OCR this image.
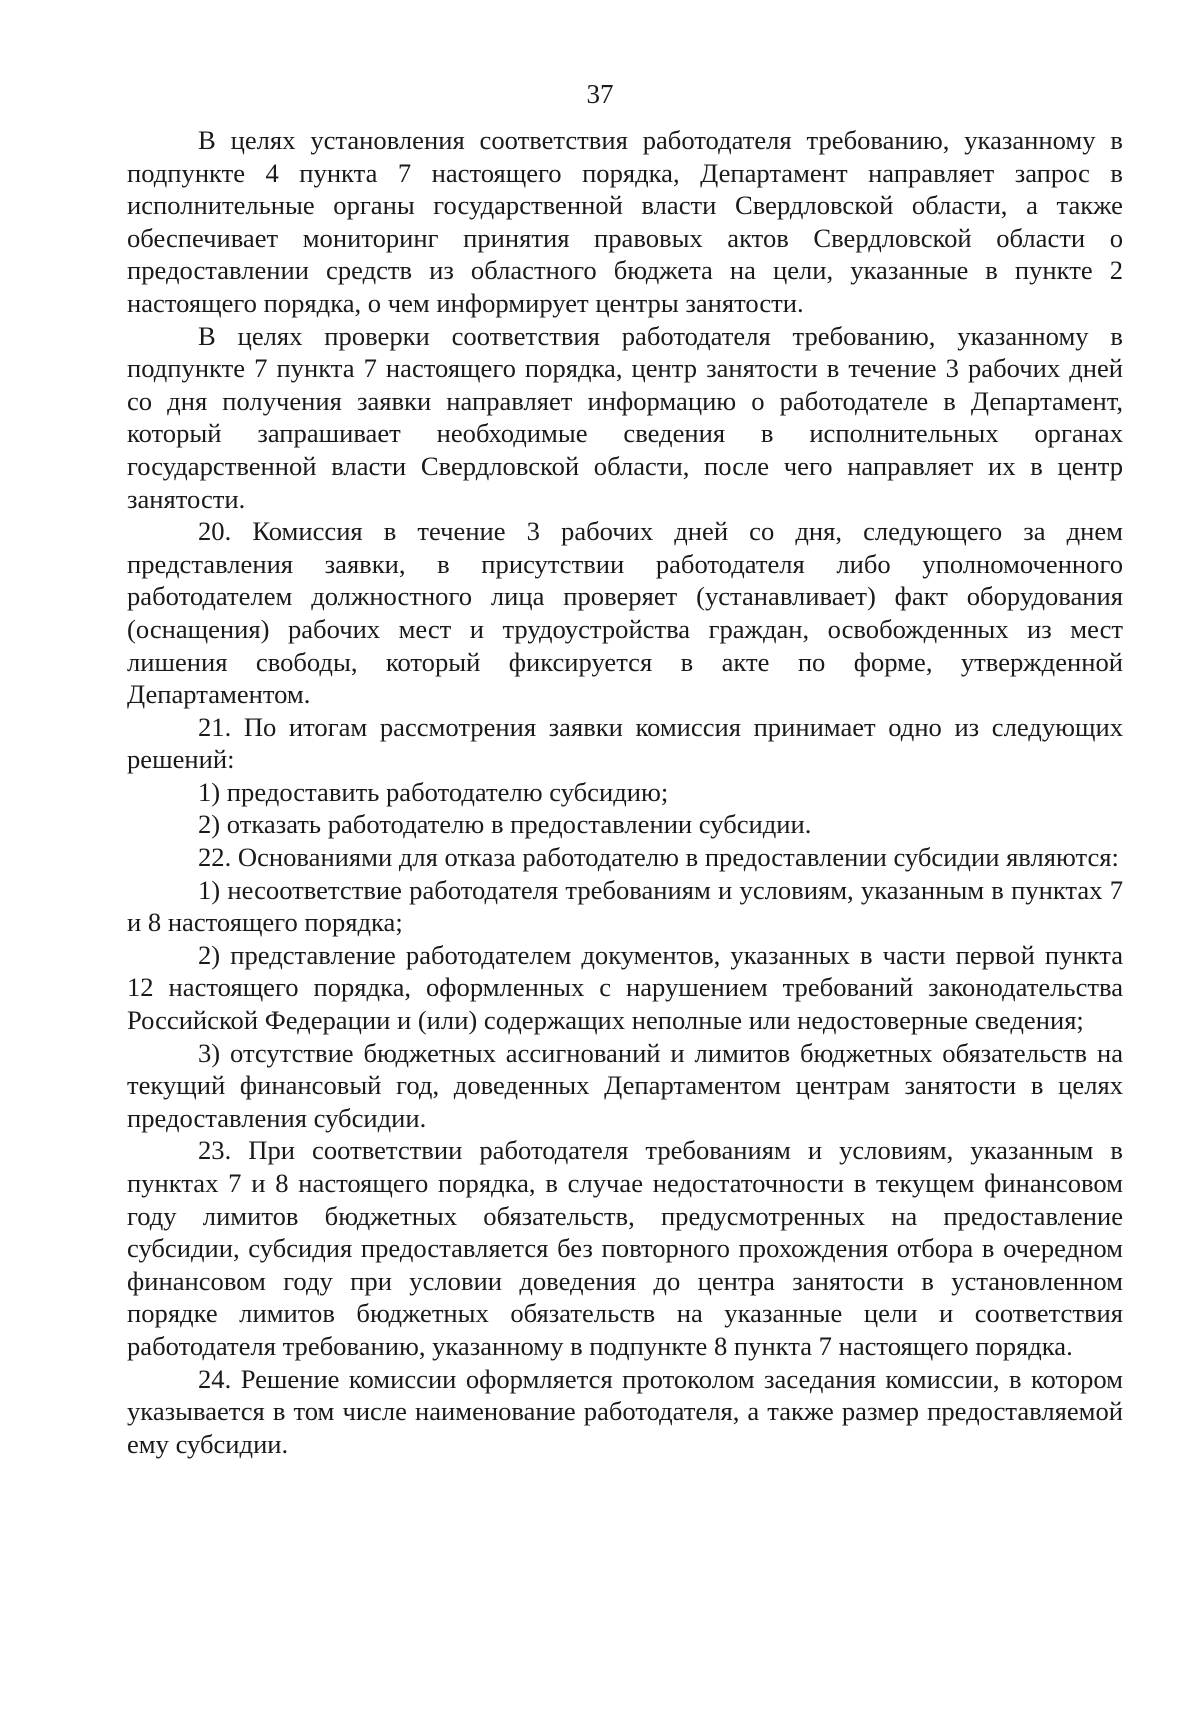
37

В целях установления соответствия работодателя требованию, указанному в подпункте 4 пункта 7 настоящего порядка, Департамент направляет запрос в исполнительные органы государственной власти Свердловской области, а также обеспечивает мониторинг принятия правовых актов Свердловской области о предоставлении средств из областного бюджета на цели, указанные в пункте 2 настоящего порядка, о чем информирует центры занятости.

В целях проверки соответствия работодателя требованию, указанному в подпункте 7 пункта 7 настоящего порядка, центр занятости в течение 3 рабочих дней со дня получения заявки направляет информацию о работодателе в Департамент, который запрашивает необходимые сведения в исполнительных органах государственной власти Свердловской области, после чего направляет их в центр занятости.

20. Комиссия в течение 3 рабочих дней со дня, следующего за днем представления заявки, в присутствии работодателя либо уполномоченного работодателем должностного лица проверяет (устанавливает) факт оборудования (оснащения) рабочих мест и трудоустройства граждан, освобожденных из мест лишения свободы, который фиксируется в акте по форме, утвержденной Департаментом.

21. По итогам рассмотрения заявки комиссия принимает одно из следующих решений:

1) предоставить работодателю субсидию;

2) отказать работодателю в предоставлении субсидии.

22. Основаниями для отказа работодателю в предоставлении субсидии являются:

1) несоответствие работодателя требованиям и условиям, указанным в пунктах 7 и 8 настоящего порядка;

2) представление работодателем документов, указанных в части первой пункта 12 настоящего порядка, оформленных с нарушением требований законодательства Российской Федерации и (или) содержащих неполные или недостоверные сведения;

3) отсутствие бюджетных ассигнований и лимитов бюджетных обязательств на текущий финансовый год, доведенных Департаментом центрам занятости в целях предоставления субсидии.

23. При соответствии работодателя требованиям и условиям, указанным в пунктах 7 и 8 настоящего порядка, в случае недостаточности в текущем финансовом году лимитов бюджетных обязательств, предусмотренных на предоставление субсидии, субсидия предоставляется без повторного прохождения отбора в очередном финансовом году при условии доведения до центра занятости в установленном порядке лимитов бюджетных обязательств на указанные цели и соответствия работодателя требованию, указанному в подпункте 8 пункта 7 настоящего порядка.

24. Решение комиссии оформляется протоколом заседания комиссии, в котором указывается в том числе наименование работодателя, а также размер предоставляемой ему субсидии.
